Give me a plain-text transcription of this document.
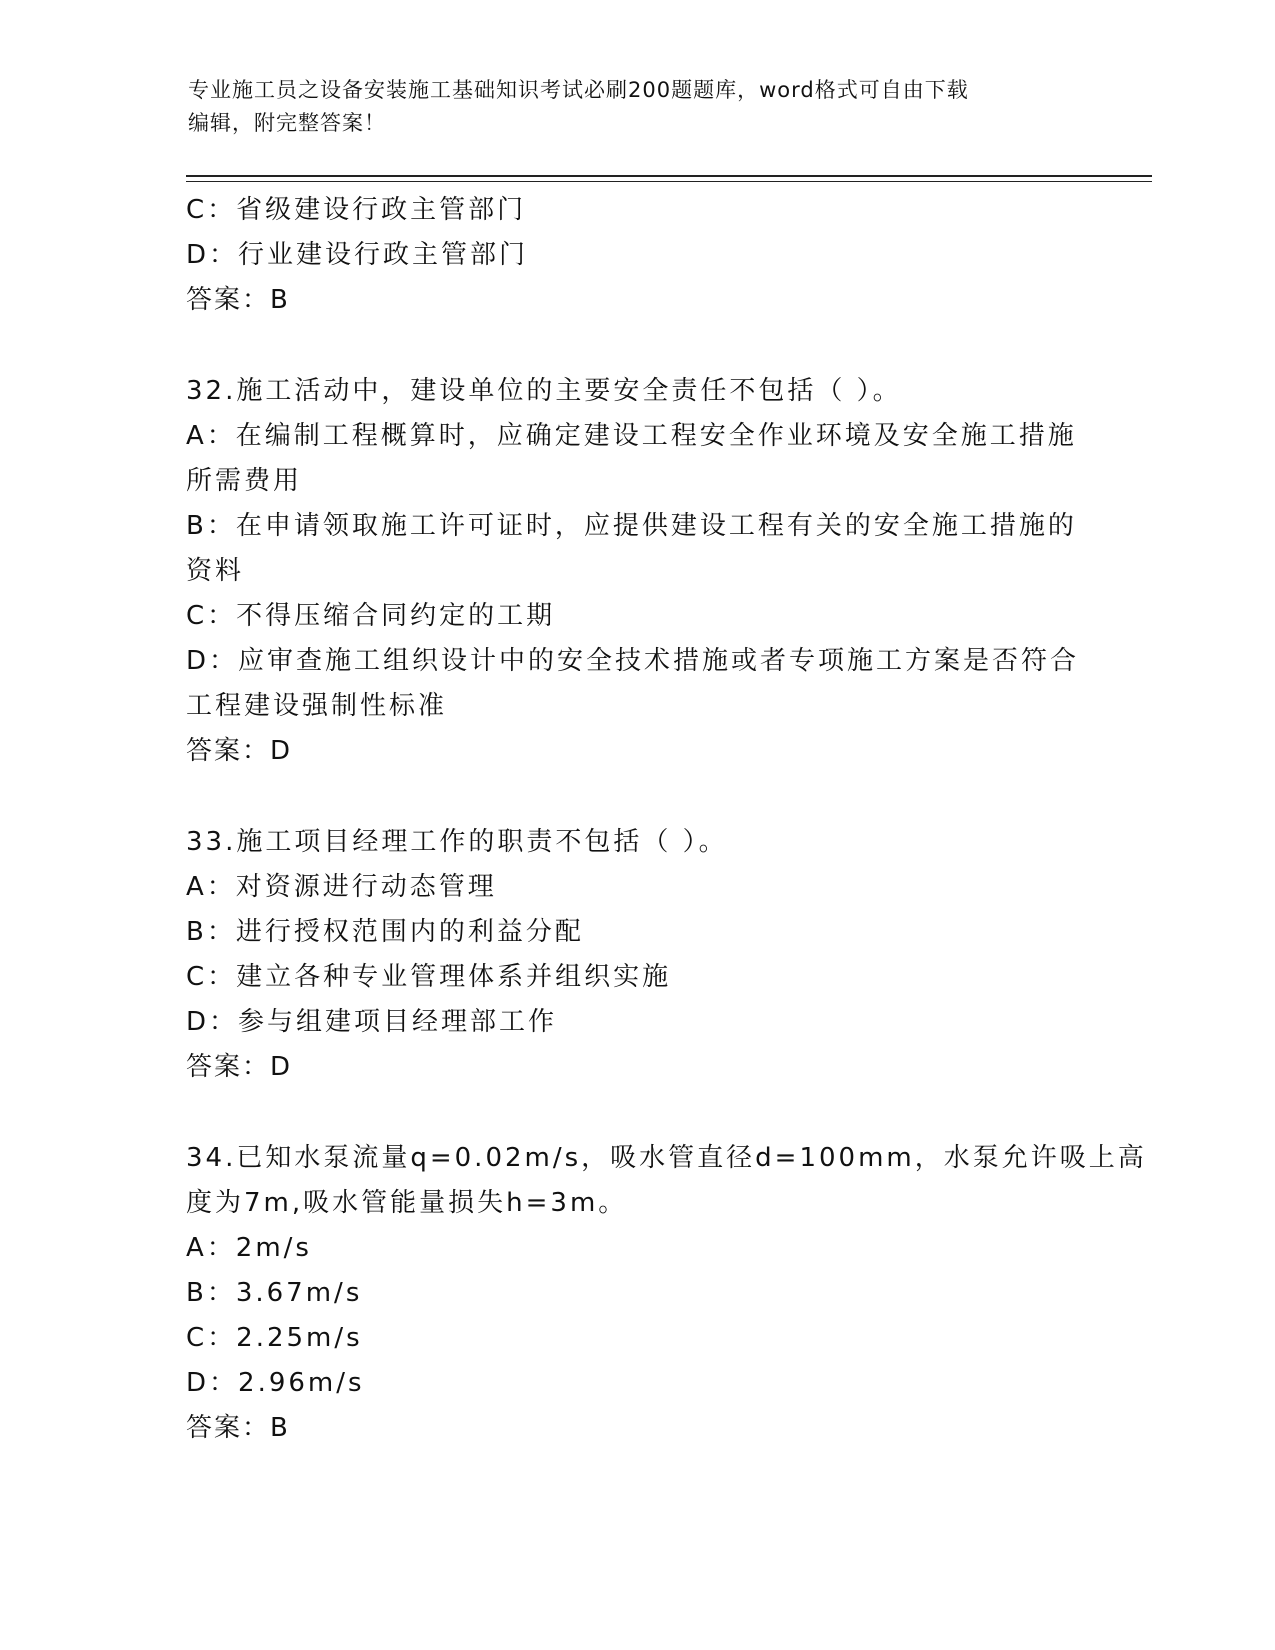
专业施工员之设备安装施工基础知识考试必刷200题题库，word格式可自由下载
编辑，附完整答案！
C：省级建设行政主管部门
D：行业建设行政主管部门
答案：B
32.施工活动中，建设单位的主要安全责任不包括（ ）。
A：在编制工程概算时，应确定建设工程安全作业环境及安全施工措施
所需费用
B：在申请领取施工许可证时，应提供建设工程有关的安全施工措施的
资料
C：不得压缩合同约定的工期
D：应审查施工组织设计中的安全技术措施或者专项施工方案是否符合
工程建设强制性标准
答案：D
33.施工项目经理工作的职责不包括（ ）。
A：对资源进行动态管理
B：进行授权范围内的利益分配
C：建立各种专业管理体系并组织实施
D：参与组建项目经理部工作
答案：D
34.已知水泵流量q=0.02m/s，吸水管直径d=100mm，水泵允许吸上高
度为7m,吸水管能量损失h=3m。
A：2m/s
B：3.67m/s
C：2.25m/s
D：2.96m/s
答案：B
